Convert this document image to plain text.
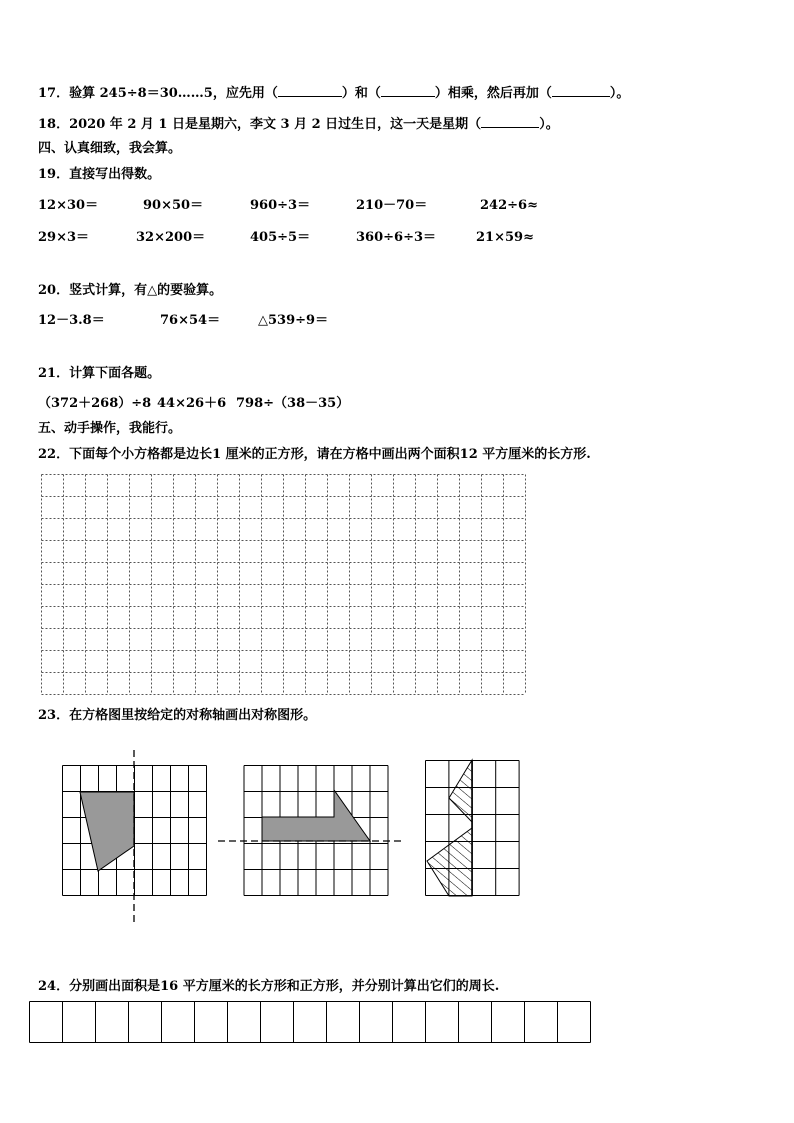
17．验算 245÷8＝30……5，应先用（	）和（	）相乘，然后再加（	）。
18．2020 年 2 月 1 日是星期六，李文 3 月 2 日过生日，这一天是星期（	）。
四、认真细致，我会算。
19．直接写出得数。
12×30＝	90×50＝	960÷3＝	210－70＝	242÷6≈
29×3＝	32×200＝	405÷5＝	360÷6÷3＝	21×59≈
20．竖式计算，有△的要验算。
12－3.8＝	76×54＝	△539÷9＝
21．计算下面各题。
（372＋268）÷8 44×26＋6 798÷（38－35）
五、动手操作，我能行。
22．下面每个小方格都是边长1 厘米的正方形，请在方格中画出两个面积12 平方厘米的长方形.
23．在方格图里按给定的对称轴画出对称图形。
24．分别画出面积是16 平方厘米的长方形和正方形，并分别计算出它们的周长.
